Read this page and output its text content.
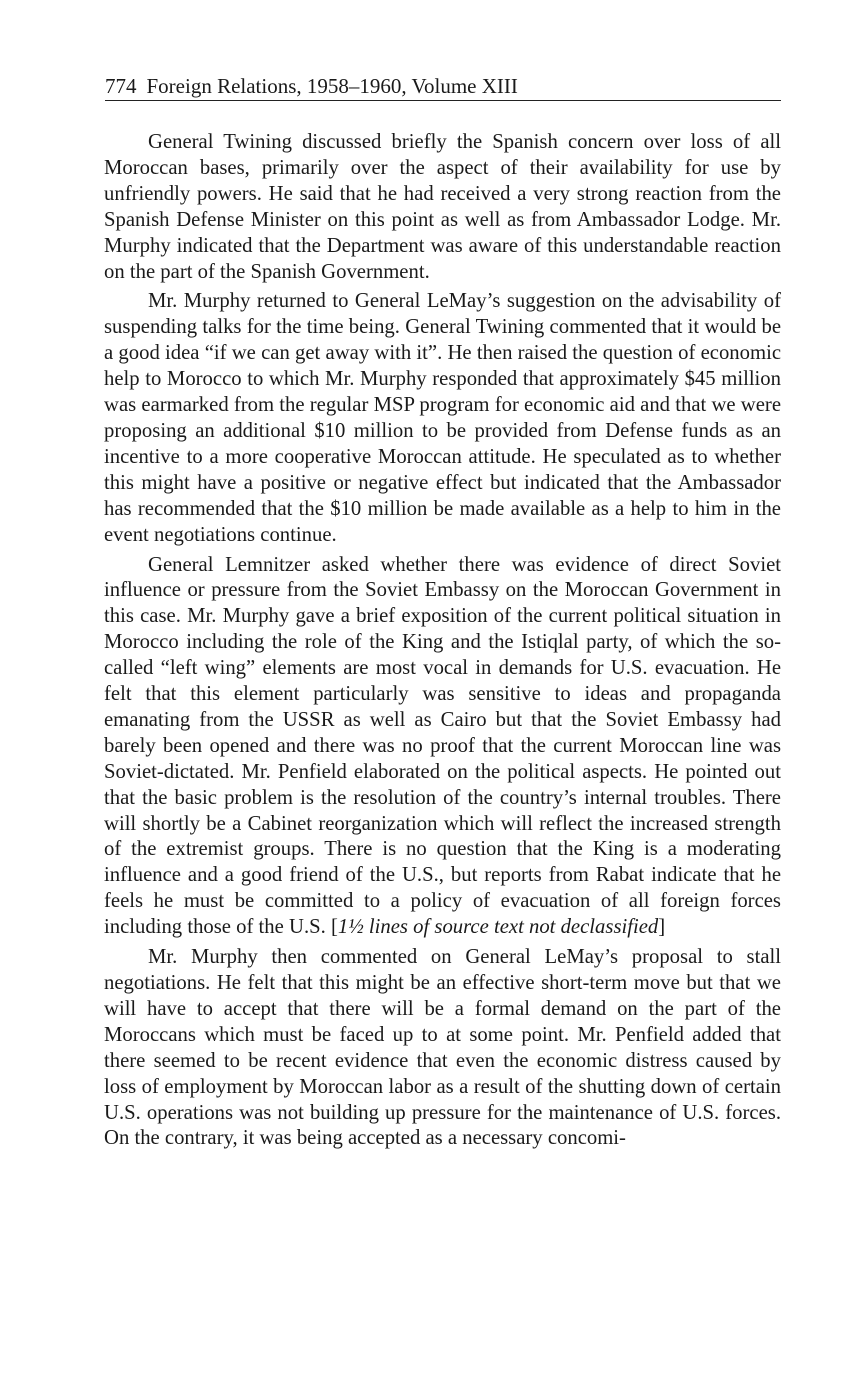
774 Foreign Relations, 1958–1960, Volume XIII

General Twining discussed briefly the Spanish concern over loss of all Moroccan bases, primarily over the aspect of their availability for use by unfriendly powers. He said that he had received a very strong reaction from the Spanish Defense Minister on this point as well as from Ambassador Lodge. Mr. Murphy indicated that the Department was aware of this understandable reaction on the part of the Spanish Government.

Mr. Murphy returned to General LeMay’s suggestion on the advisability of suspending talks for the time being. General Twining commented that it would be a good idea “if we can get away with it”. He then raised the question of economic help to Morocco to which Mr. Murphy responded that approximately $45 million was earmarked from the regular MSP program for economic aid and that we were proposing an additional $10 million to be provided from Defense funds as an incentive to a more cooperative Moroccan attitude. He speculated as to whether this might have a positive or negative effect but indicated that the Ambassador has recommended that the $10 million be made available as a help to him in the event negotiations continue.

General Lemnitzer asked whether there was evidence of direct Soviet influence or pressure from the Soviet Embassy on the Moroccan Government in this case. Mr. Murphy gave a brief exposition of the current political situation in Morocco including the role of the King and the Istiqlal party, of which the so-called “left wing” elements are most vocal in demands for U.S. evacuation. He felt that this element particularly was sensitive to ideas and propaganda emanating from the USSR as well as Cairo but that the Soviet Embassy had barely been opened and there was no proof that the current Moroccan line was Soviet-dictated. Mr. Penfield elaborated on the political aspects. He pointed out that the basic problem is the resolution of the country’s internal troubles. There will shortly be a Cabinet reorganization which will reflect the increased strength of the extremist groups. There is no question that the King is a moderating influence and a good friend of the U.S., but reports from Rabat indicate that he feels he must be committed to a policy of evacuation of all foreign forces including those of the U.S. [1½ lines of source text not declassified]

Mr. Murphy then commented on General LeMay’s proposal to stall negotiations. He felt that this might be an effective short-term move but that we will have to accept that there will be a formal demand on the part of the Moroccans which must be faced up to at some point. Mr. Penfield added that there seemed to be recent evidence that even the economic distress caused by loss of employment by Moroccan labor as a result of the shutting down of certain U.S. operations was not building up pressure for the maintenance of U.S. forces. On the contrary, it was being accepted as a necessary concomi-
